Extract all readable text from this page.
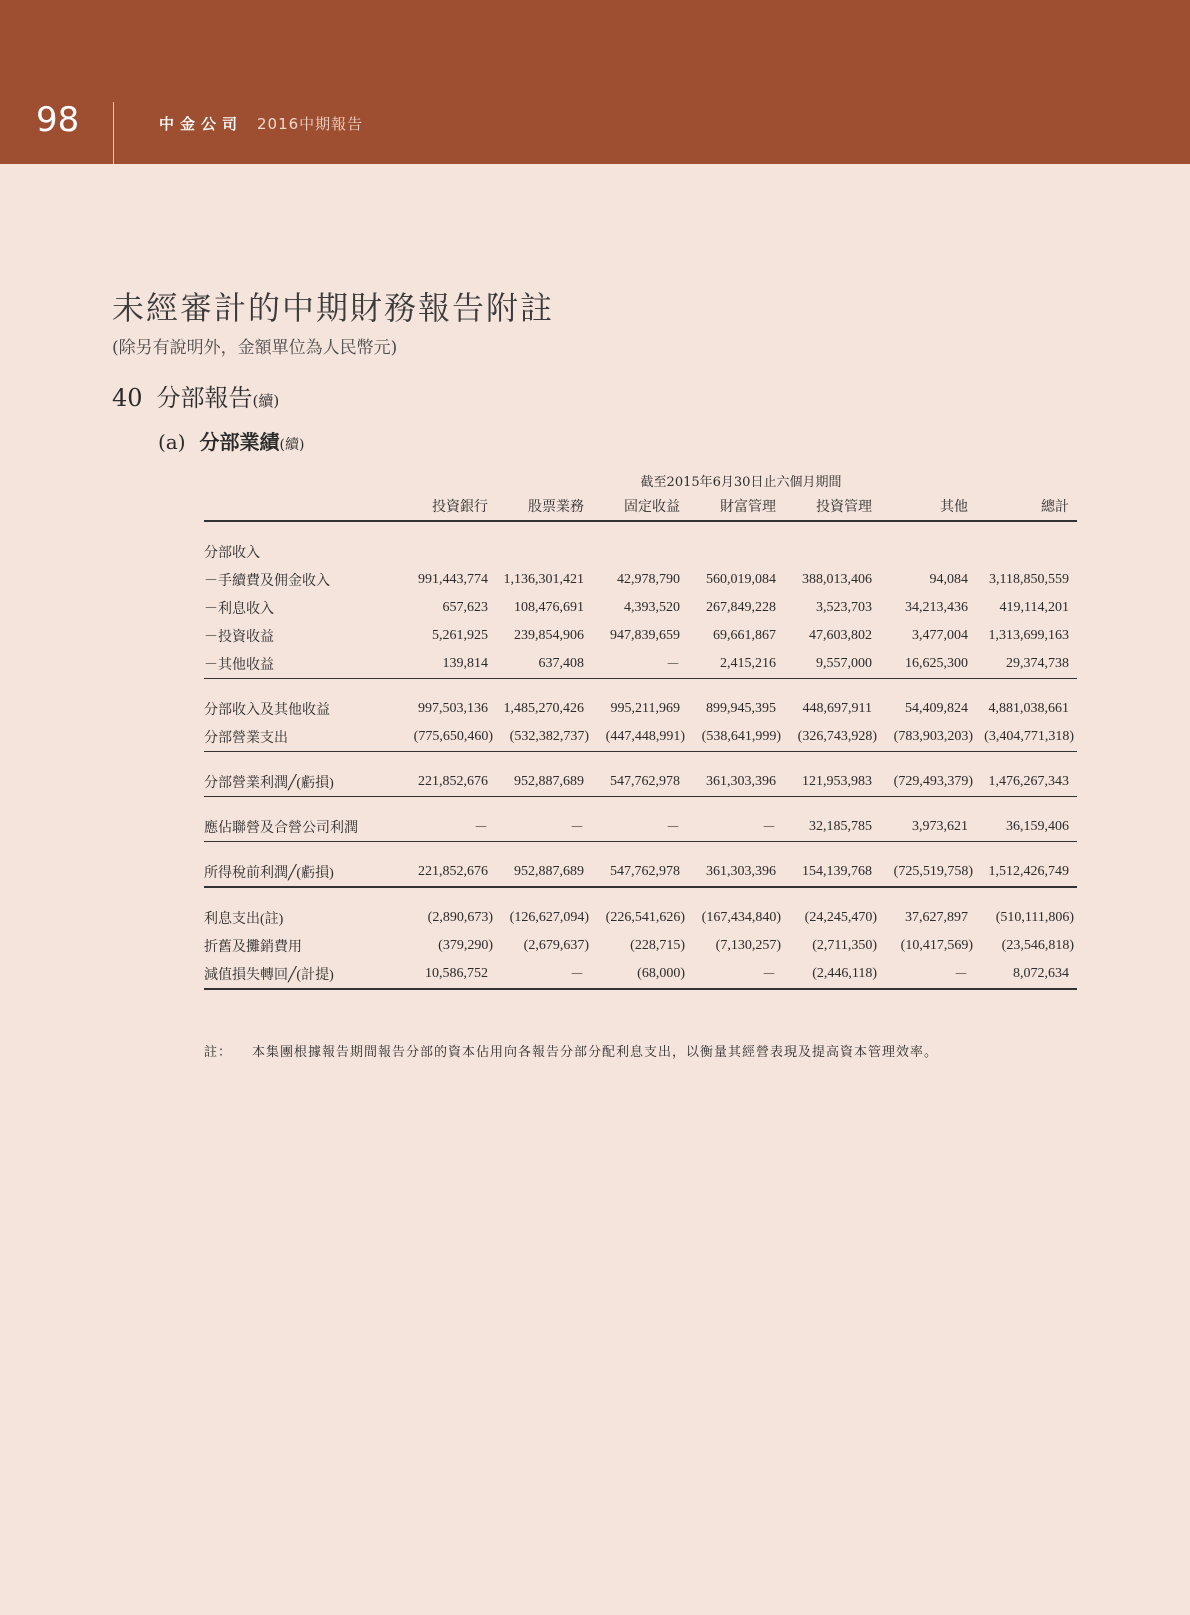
98	中金公司 2016中期報告
未經審計的中期財務報告附註
(除另有說明外，金額單位為人民幣元)
40 分部報告(續)
(a) 分部業績(續)
截至2015年6月30日止六個月期間
	投資銀行	股票業務	固定收益	財富管理	投資管理	其他	總計

分部收入							
－手續費及佣金收入	991,443,774	1,136,301,421	42,978,790	560,019,084	388,013,406	94,084	3,118,850,559
－利息收入	657,623	108,476,691	4,393,520	267,849,228	3,523,703	34,213,436	419,114,201
－投資收益	5,261,925	239,854,906	947,839,659	69,661,867	47,603,802	3,477,004	1,313,699,163
－其他收益	139,814	637,408	－	2,415,216	9,557,000	16,625,300	29,374,738

分部收入及其他收益	997,503,136	1,485,270,426	995,211,969	899,945,395	448,697,911	54,409,824	4,881,038,661
分部營業支出	(775,650,460)	(532,382,737)	(447,448,991)	(538,641,999)	(326,743,928)	(783,903,203)	(3,404,771,318)

分部營業利潤╱(虧損)	221,852,676	952,887,689	547,762,978	361,303,396	121,953,983	(729,493,379)	1,476,267,343

應佔聯營及合營公司利潤	－	－	－	－	32,185,785	3,973,621	36,159,406

所得稅前利潤╱(虧損)	221,852,676	952,887,689	547,762,978	361,303,396	154,139,768	(725,519,758)	1,512,426,749

利息支出(註)	(2,890,673)	(126,627,094)	(226,541,626)	(167,434,840)	(24,245,470)	37,627,897	(510,111,806)
折舊及攤銷費用	(379,290)	(2,679,637)	(228,715)	(7,130,257)	(2,711,350)	(10,417,569)	(23,546,818)
減值損失轉回╱(計提)	10,586,752	－	(68,000)	－	(2,446,118)	－	8,072,634
註： 本集團根據報告期間報告分部的資本佔用向各報告分部分配利息支出，以衡量其經營表現及提高資本管理效率。
